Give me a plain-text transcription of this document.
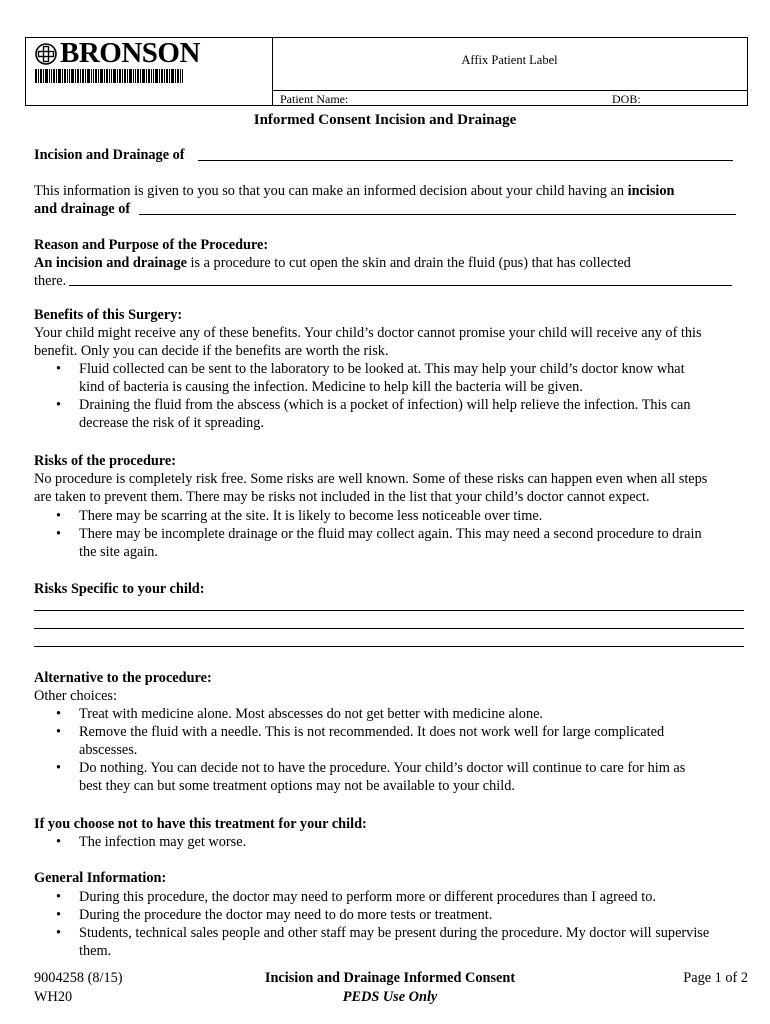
BRONSON	Affix Patient Label
Patient Name:	DOB:
Informed Consent Incision and Drainage
Incision and Drainage of
This information is given to you so that you can make an informed decision about your child having an incision
and drainage of
Reason and Purpose of the Procedure:
An incision and drainage is a procedure to cut open the skin and drain the fluid (pus) that has collected
there.
Benefits of this Surgery:
Your child might receive any of these benefits. Your child’s doctor cannot promise your child will receive any of this
benefit. Only you can decide if the benefits are worth the risk.
• Fluid collected can be sent to the laboratory to be looked at. This may help your child’s doctor know what
kind of bacteria is causing the infection. Medicine to help kill the bacteria will be given.
• Draining the fluid from the abscess (which is a pocket of infection) will help relieve the infection. This can
decrease the risk of it spreading.
Risks of the procedure:
No procedure is completely risk free. Some risks are well known. Some of these risks can happen even when all steps
are taken to prevent them. There may be risks not included in the list that your child’s doctor cannot expect.
• There may be scarring at the site. It is likely to become less noticeable over time.
• There may be incomplete drainage or the fluid may collect again. This may need a second procedure to drain
the site again.
Risks Specific to your child:
Alternative to the procedure:
Other choices:
• Treat with medicine alone. Most abscesses do not get better with medicine alone.
• Remove the fluid with a needle. This is not recommended. It does not work well for large complicated
abscesses.
• Do nothing. You can decide not to have the procedure. Your child’s doctor will continue to care for him as
best they can but some treatment options may not be available to your child.
If you choose not to have this treatment for your child:
• The infection may get worse.
General Information:
• During this procedure, the doctor may need to perform more or different procedures than I agreed to.
• During the procedure the doctor may need to do more tests or treatment.
• Students, technical sales people and other staff may be present during the procedure. My doctor will supervise
them.
9004258 (8/15)
WH20
Incision and Drainage Informed Consent
PEDS Use Only
Page 1 of 2
